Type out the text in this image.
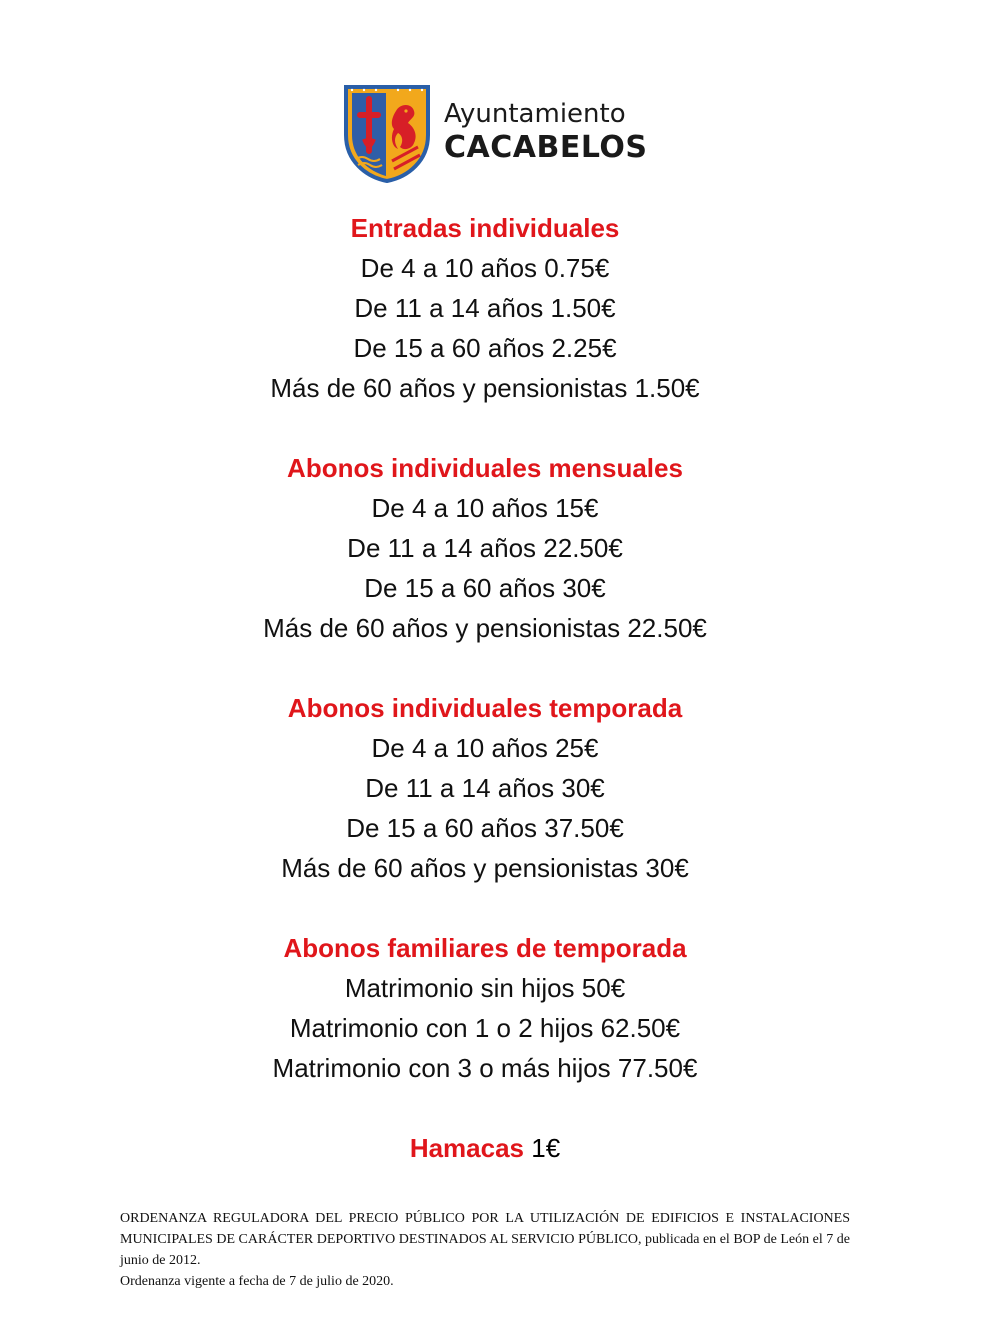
Ayuntamiento
CACABELOS
Entradas individuales
De 4 a 10 años 0.75€
De 11 a 14 años 1.50€
De 15 a 60 años 2.25€
Más de 60 años y pensionistas 1.50€
Abonos individuales mensuales
De 4 a 10 años 15€
De 11 a 14 años 22.50€
De 15 a 60 años 30€
Más de 60 años y pensionistas 22.50€
Abonos individuales temporada
De 4 a 10 años 25€
De 11 a 14 años 30€
De 15 a 60 años 37.50€
Más de 60 años y pensionistas 30€
Abonos familiares de temporada
Matrimonio sin hijos 50€
Matrimonio con 1 o 2 hijos 62.50€
Matrimonio con 3 o más hijos 77.50€
Hamacas 1€
ORDENANZA REGULADORA DEL PRECIO PÚBLICO POR LA UTILIZACIÓN DE EDIFICIOS E INSTALACIONES MUNICIPALES DE CARÁCTER DEPORTIVO DESTINADOS AL SERVICIO PÚBLICO, publicada en el BOP de León el 7 de junio de 2012.
Ordenanza vigente a fecha de 7 de julio de 2020.
